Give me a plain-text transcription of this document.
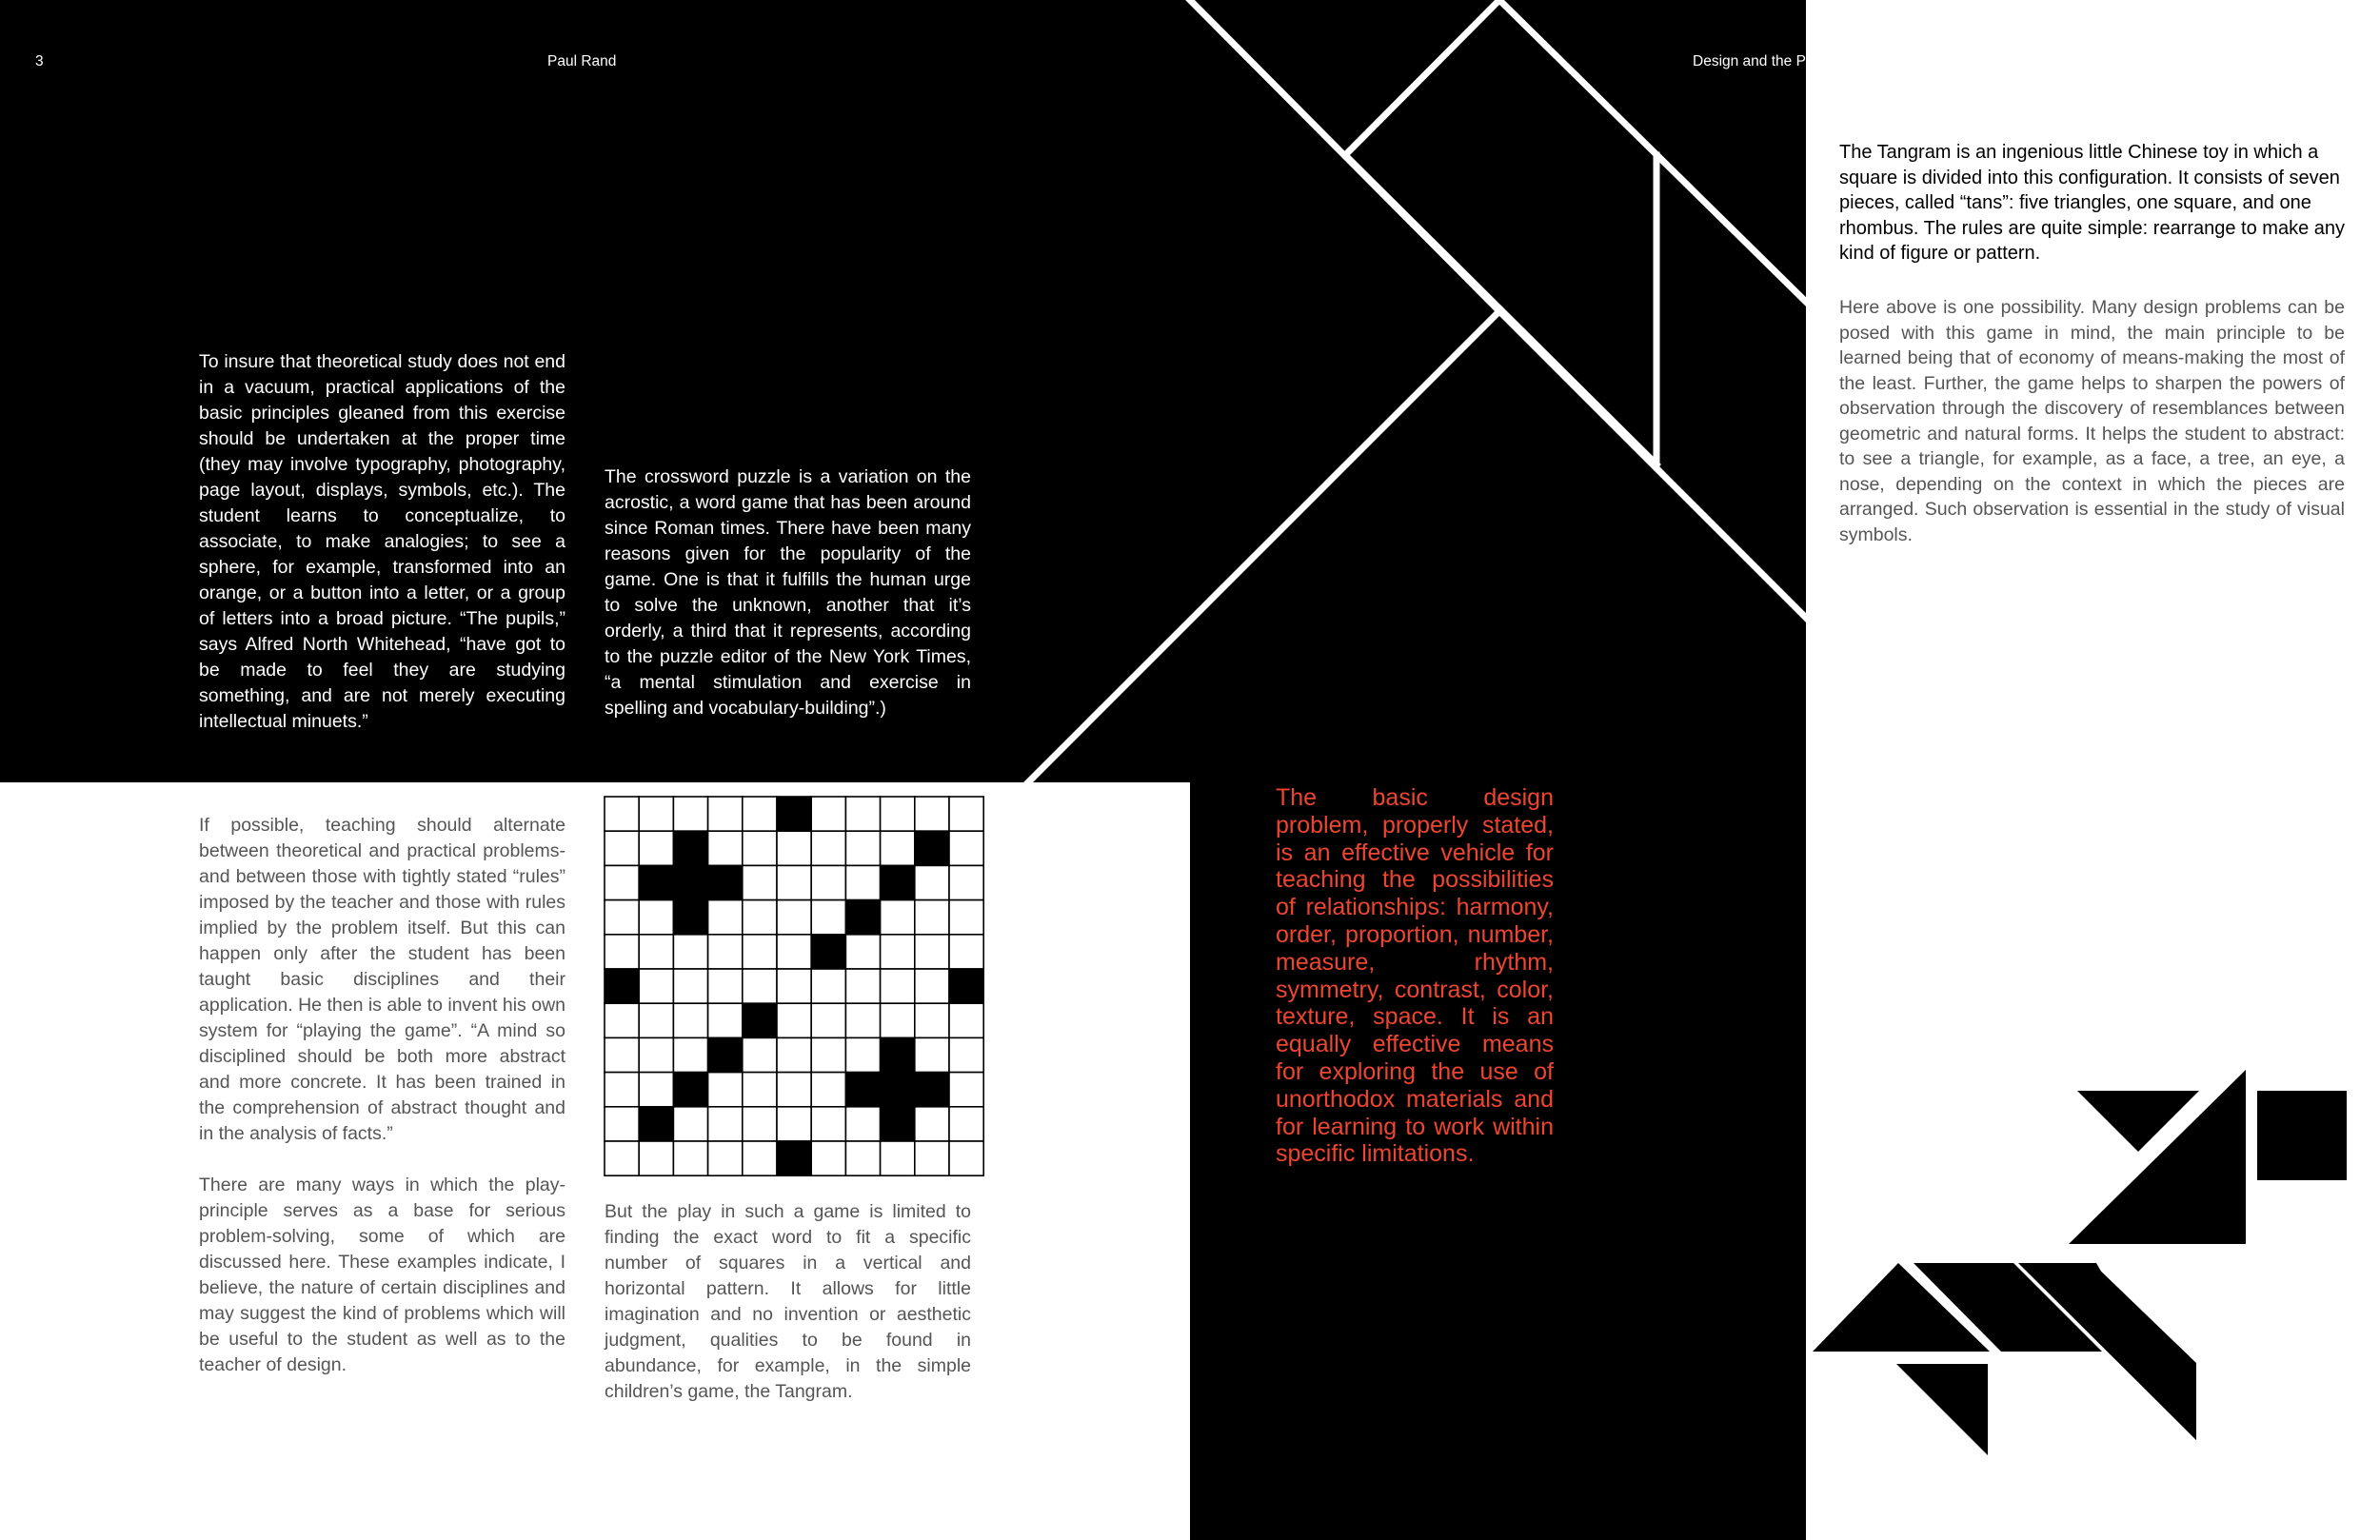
3	Paul Rand	Design and the Play Instinct	4

To insure that theoretical study does not end in a vacuum, practical applications of the basic principles gleaned from this exercise should be undertaken at the proper time (they may involve typography, photography, page layout, displays, symbols, etc.). The student learns to conceptualize, to associate, to make analogies; to see a sphere, for example, transformed into an orange, or a button into a letter, or a group of letters into a broad picture. “The pupils,” says Alfred North Whitehead, “have got to be made to feel they are studying something, and are not merely executing intellectual minuets.”

The crossword puzzle is a variation on the acrostic, a word game that has been around since Roman times. There have been many reasons given for the popularity of the game. One is that it fulfills the human urge to solve the unknown, another that it’s orderly, a third that it represents, according to the puzzle editor of the New York Times, “a mental stimulation and exercise in spelling and vocabulary-building”.)

If possible, teaching should alternate between theoretical and practical problems-and between those with tightly stated “rules” imposed by the teacher and those with rules implied by the problem itself. But this can happen only after the student has been taught basic disciplines and their application. He then is able to invent his own system for “playing the game”. “A mind so disciplined should be both more abstract and more concrete. It has been trained in the comprehension of abstract thought and in the analysis of facts.”

There are many ways in which the play-principle serves as a base for serious problem-solving, some of which are discussed here. These examples indicate, I believe, the nature of certain disciplines and may suggest the kind of problems which will be useful to the student as well as to the teacher of design.

But the play in such a game is limited to finding the exact word to fit a specific number of squares in a vertical and horizontal pattern. It allows for little imagination and no invention or aesthetic judgment, qualities to be found in abundance, for example, in the simple children’s game, the Tangram.

The basic design problem, properly stated, is an effective vehicle for teaching the possibilities of relationships: harmony, order, proportion, number, measure, rhythm, symmetry, contrast, color, texture, space. It is an equally effective means for exploring the use of unorthodox materials and for learning to work within specific limitations.
The Tangram is an ingenious little Chinese toy in which a square is divided into this configuration. It consists of seven pieces, called “tans”: five triangles, one square, and one rhombus. The rules are quite simple: rearrange to make any kind of figure or pattern.
Here above is one possibility. Many design problems can be posed with this game in mind, the main principle to be learned being that of economy of means-making the most of the least. Further, the game helps to sharpen the powers of observation through the discovery of resemblances between geometric and natural forms. It helps the student to abstract: to see a triangle, for example, as a face, a tree, an eye, a nose, depending on the context in which the pieces are arranged. Such observation is essential in the study of visual symbols.
